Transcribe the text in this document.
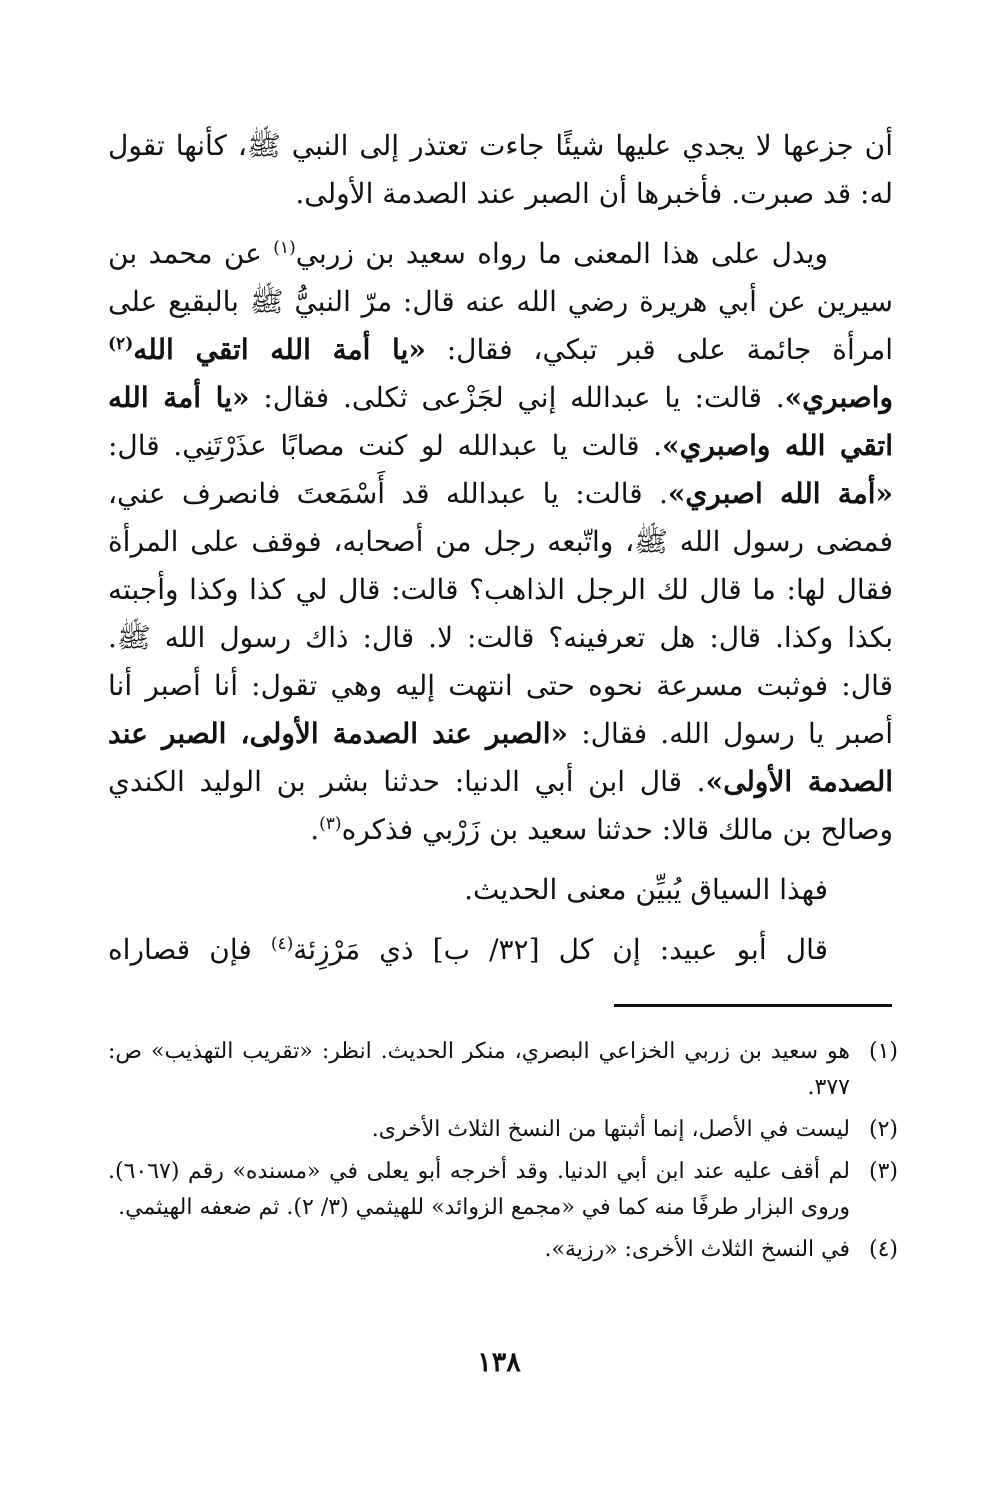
أن جزعها لا يجدي عليها شيئًا جاءت تعتذر إلى النبي ﷺ، كأنها تقول له: قد صبرت. فأخبرها أن الصبر عند الصدمة الأولى.

ويدل على هذا المعنى ما رواه سعيد بن زربي$^{(١)}$ عن محمد بن سيرين عن أبي هريرة رضي الله عنه قال: مرّ النبيُّ ﷺ بالبقيع على امرأة جائمة على قبر تبكي، فقال: «يا أمة الله اتقي الله$^{(٢)}$ واصبري». قالت: يا عبدالله إني لجَزْعى ثكلى. فقال: «يا أمة الله اتقي الله واصبري». قالت يا عبدالله لو كنت مصابًا عذَرْتَنِي. قال: «أمة الله اصبري». قالت: يا عبدالله قد أَسْمَعتَ فانصرف عني، فمضى رسول الله ﷺ، واتّبعه رجل من أصحابه، فوقف على المرأة فقال لها: ما قال لك الرجل الذاهب؟ قالت: قال لي كذا وكذا وأجبته بكذا وكذا. قال: هل تعرفينه؟ قالت: لا. قال: ذاك رسول الله ﷺ. قال: فوثبت مسرعة نحوه حتى انتهت إليه وهي تقول: أنا أصبر أنا أصبر يا رسول الله. فقال: «الصبر عند الصدمة الأولى، الصبر عند الصدمة الأولى». قال ابن أبي الدنيا: حدثنا بشر بن الوليد الكندي وصالح بن مالك قالا: حدثنا سعيد بن زَرْبي فذكره$^{(٣)}$.

فهذا السياق يُبيِّن معنى الحديث.

قال أبو عبيد: إن كل [٣٢/ ب] ذي مَرْزِئة$^{(٤)}$ فإن قصاراه

(١)
هو سعيد بن زربي الخزاعي البصري، منكر الحديث. انظر: «تقريب التهذيب» ص: ٣٧٧.
(٢)
ليست في الأصل، إنما أثبتها من النسخ الثلاث الأخرى.
(٣)
لم أقف عليه عند ابن أبي الدنيا. وقد أخرجه أبو يعلى في «مسنده» رقم (٦٠٦٧). وروى البزار طرفًا منه كما في «مجمع الزوائد» للهيثمي (٣/ ٢). ثم ضعفه الهيثمي.
(٤)
في النسخ الثلاث الأخرى: «رزية».
١٣٨
